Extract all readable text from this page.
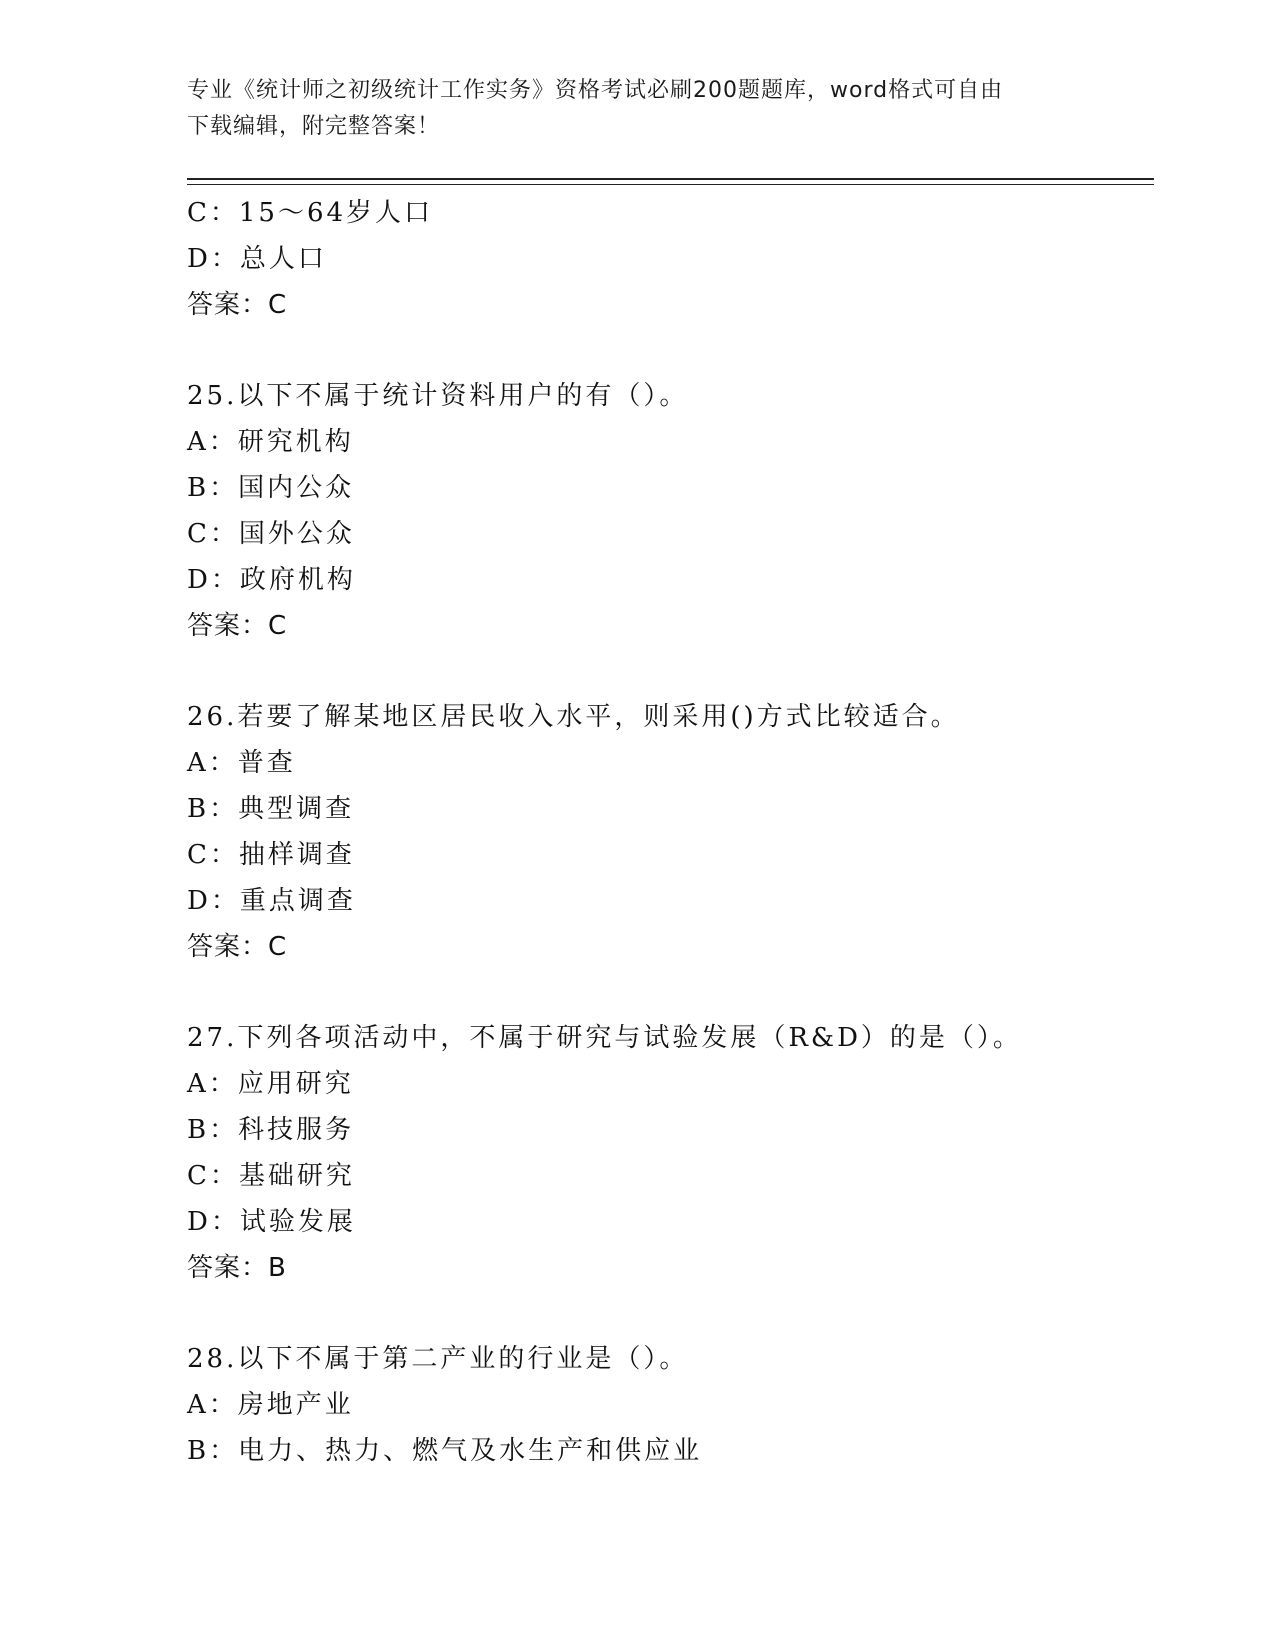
专业《统计师之初级统计工作实务》资格考试必刷200题题库，word格式可自由
下载编辑，附完整答案！
C：15～64岁人口
D：总人口
答案：C
25.以下不属于统计资料用户的有（）。
A：研究机构
B：国内公众
C：国外公众
D：政府机构
答案：C
26.若要了解某地区居民收入水平，则采用()方式比较适合。
A：普查
B：典型调查
C：抽样调查
D：重点调查
答案：C
27.下列各项活动中，不属于研究与试验发展（R&D）的是（）。
A：应用研究
B：科技服务
C：基础研究
D：试验发展
答案：B
28.以下不属于第二产业的行业是（）。
A：房地产业
B：电力、热力、燃气及水生产和供应业
